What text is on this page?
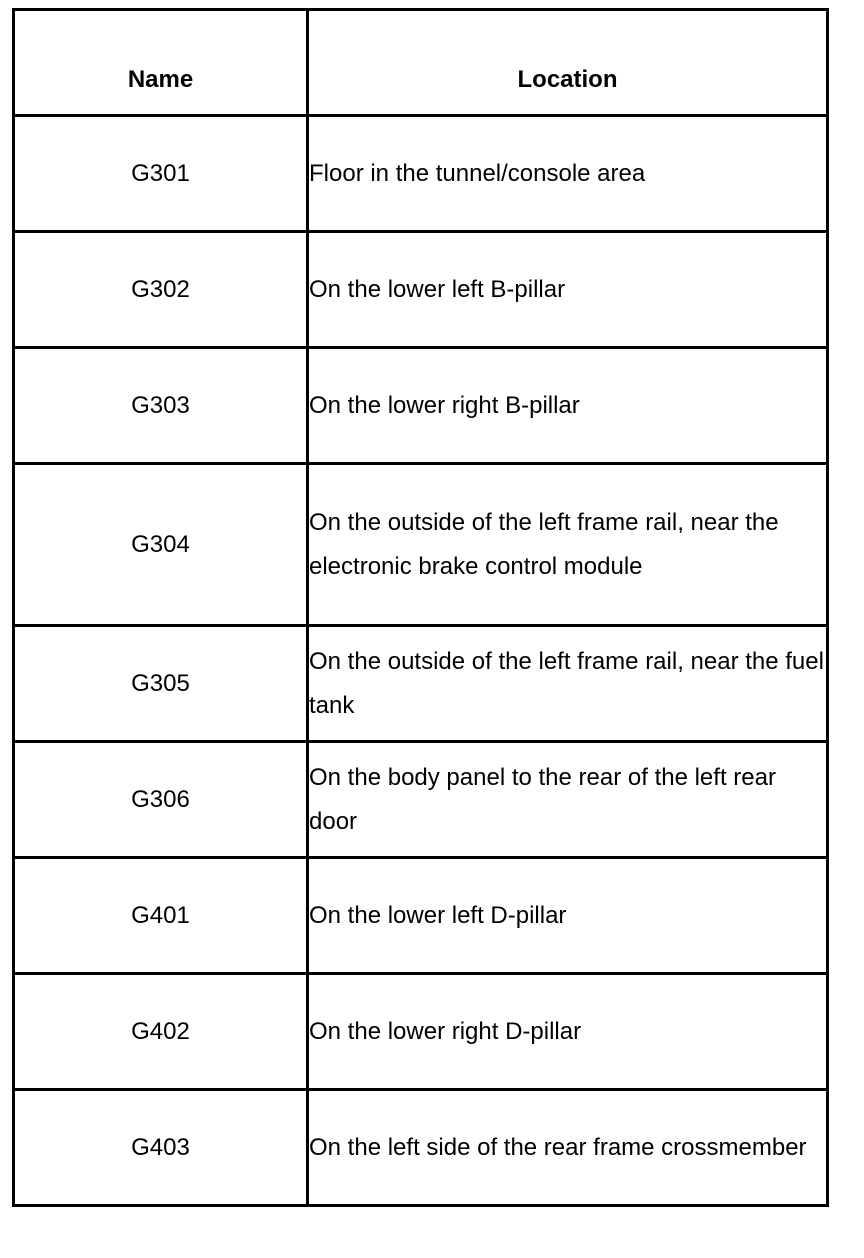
Name	Location
G301	Floor in the tunnel/console area
G302	On the lower left B-pillar
G303	On the lower right B-pillar
G304	On the outside of the left frame rail, near the electronic brake control module
G305	On the outside of the left frame rail, near the fuel tank
G306	On the body panel to the rear of the left rear door
G401	On the lower left D-pillar
G402	On the lower right D-pillar
G403	On the left side of the rear frame crossmember
